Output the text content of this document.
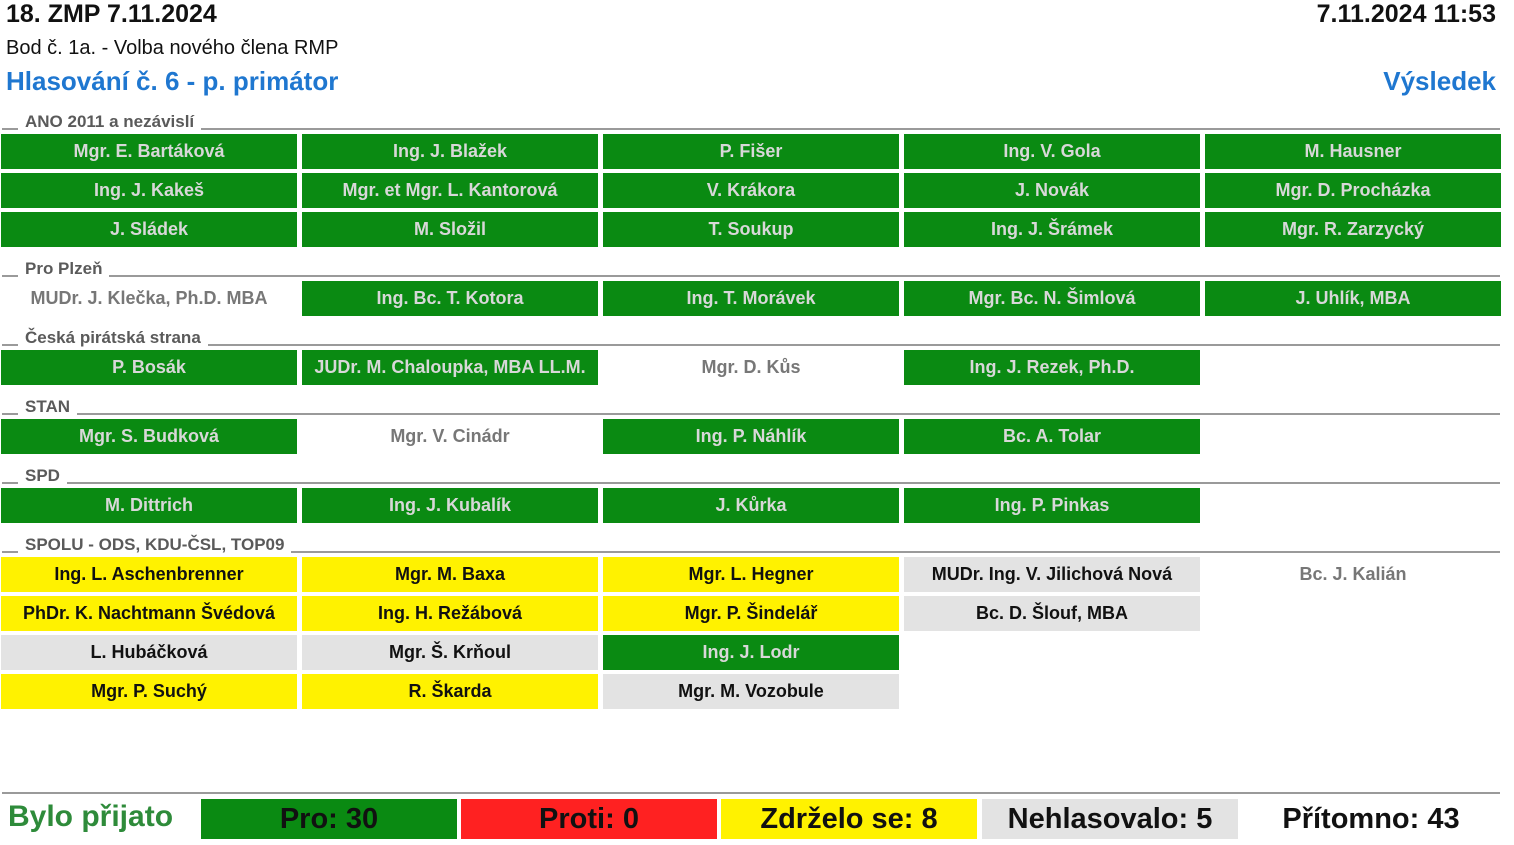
18. ZMP 7.11.2024	7.11.2024 11:53
Bod č. 1a. - Volba nového člena RMP
Hlasování č. 6 - p. primátor	Výsledek
ANO 2011 a nezávislí
Mgr. E. Bartáková	Ing. J. Blažek	P. Fišer	Ing. V. Gola	M. Hausner
Ing. J. Kakeš	Mgr. et Mgr. L. Kantorová	V. Krákora	J. Novák	Mgr. D. Procházka
J. Sládek	M. Složil	T. Soukup	Ing. J. Šrámek	Mgr. R. Zarzycký
Pro Plzeň
MUDr. J. Klečka, Ph.D. MBA	Ing. Bc. T. Kotora	Ing. T. Morávek	Mgr. Bc. N. Šimlová	J. Uhlík, MBA
Česká pirátská strana
P. Bosák	JUDr. M. Chaloupka, MBA LL.M.	Mgr. D. Kůs	Ing. J. Rezek, Ph.D.
STAN
Mgr. S. Budková	Mgr. V. Cinádr	Ing. P. Náhlík	Bc. A. Tolar
SPD
M. Dittrich	Ing. J. Kubalík	J. Kůrka	Ing. P. Pinkas
SPOLU - ODS, KDU-ČSL, TOP09
Ing. L. Aschenbrenner	Mgr. M. Baxa	Mgr. L. Hegner	MUDr. Ing. V. Jilichová Nová	Bc. J. Kalián
PhDr. K. Nachtmann Švédová	Ing. H. Režábová	Mgr. P. Šindelář	Bc. D. Šlouf, MBA
L. Hubáčková	Mgr. Š. Krňoul	Ing. J. Lodr
Mgr. P. Suchý	R. Škarda	Mgr. M. Vozobule
Bylo přijato	Pro: 30	Proti: 0	Zdrželo se: 8	Nehlasovalo: 5	Přítomno: 43
